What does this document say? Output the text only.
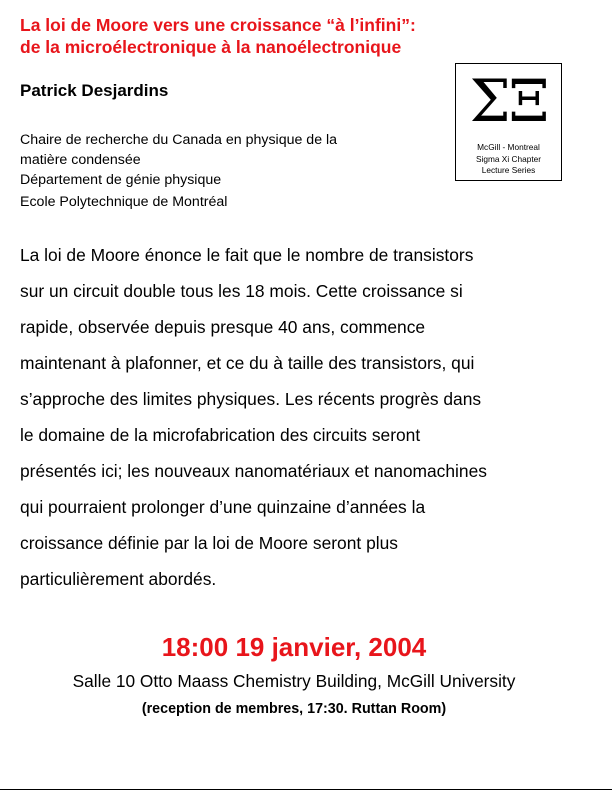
La loi de Moore vers une croissance “à l’infini”:
de la microélectronique à la nanoélectronique
Patrick Desjardins
Chaire de recherche du Canada en physique de la
matière condensée
Département de génie physique
Ecole Polytechnique de Montréal
ΣΞ
McGill - Montreal
Sigma Xi Chapter
Lecture Series
La loi de Moore énonce le fait que le nombre de transistors
sur un circuit double tous les 18 mois. Cette croissance si
rapide, observée depuis presque 40 ans, commence
maintenant à plafonner, et ce du à taille des transistors, qui
s’approche des limites physiques. Les récents progrès dans
le domaine de la microfabrication des circuits seront
présentés ici; les nouveaux nanomatériaux et nanomachines
qui pourraient prolonger d’une quinzaine d’années la
croissance définie par la loi de Moore seront plus
particulièrement abordés.
18:00 19 janvier, 2004
Salle 10 Otto Maass Chemistry Building, McGill University
(reception de membres, 17:30. Ruttan Room)
